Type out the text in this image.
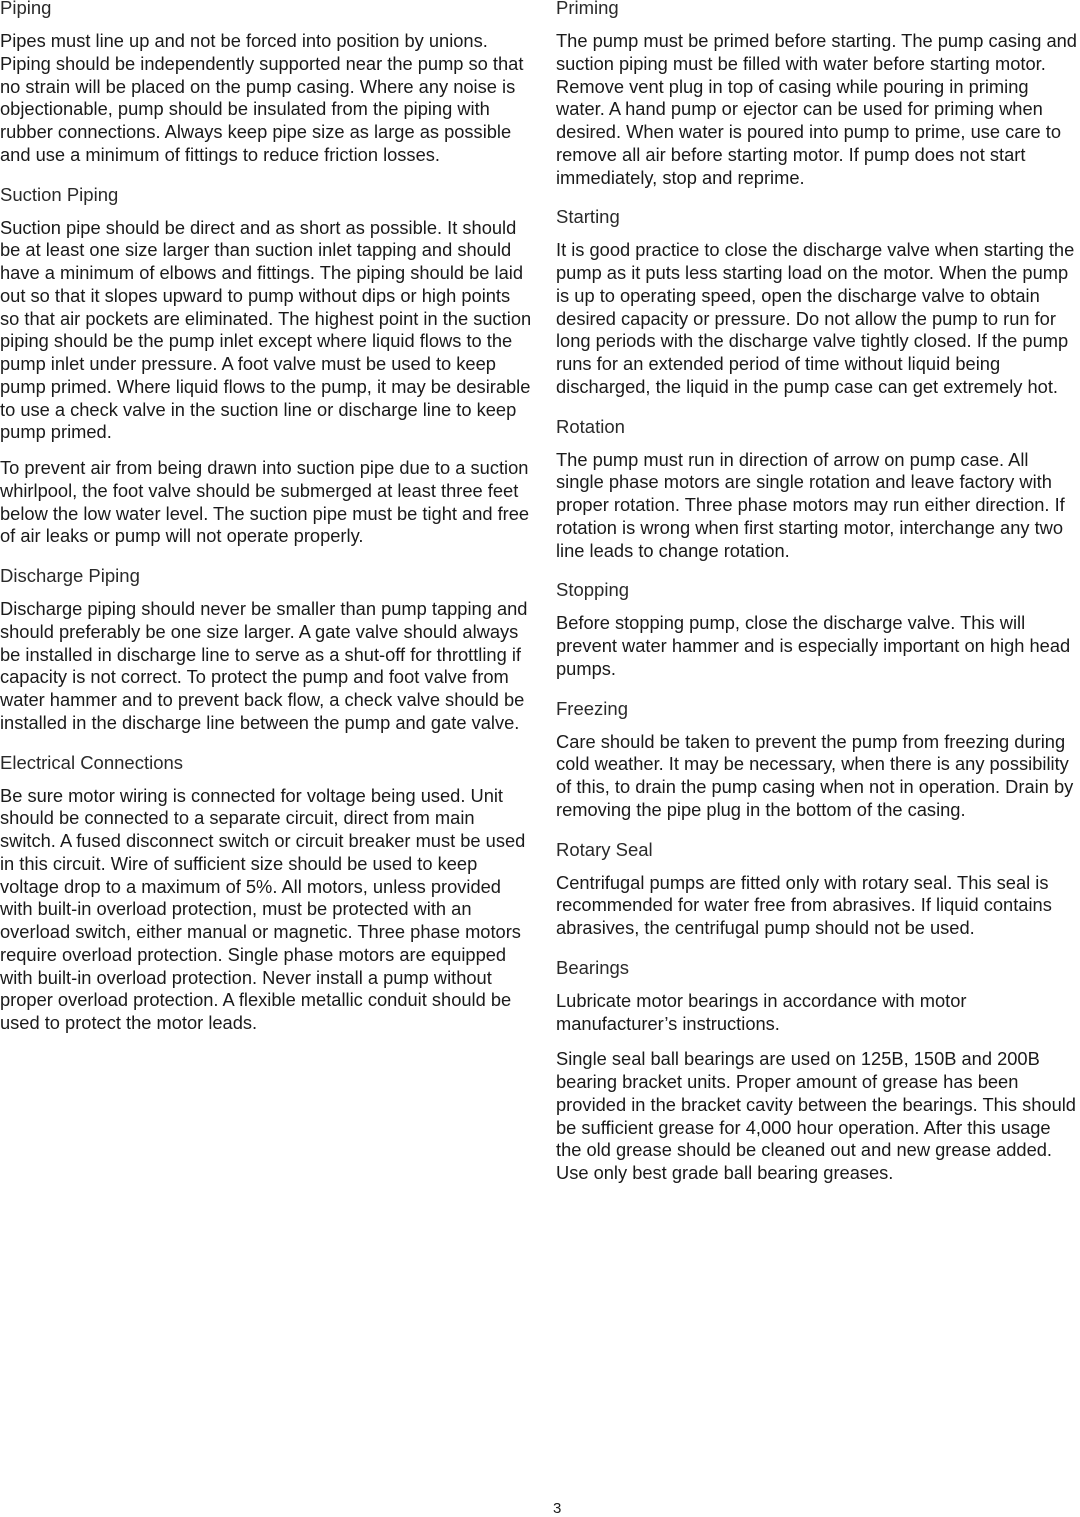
Piping

Pipes must line up and not be forced into position by unions. Piping should be independently supported near the pump so that no strain will be placed on the pump casing. Where any noise is objectionable, pump should be insulated from the piping with rubber connections. Always keep pipe size as large as possible and use a minimum of fittings to reduce friction losses.

Suction Piping

Suction pipe should be direct and as short as possible. It should be at least one size larger than suction inlet tapping and should have a minimum of elbows and fittings. The piping should be laid out so that it slopes upward to pump without dips or high points so that air pockets are eliminated. The highest point in the suction piping should be the pump inlet except where liquid flows to the pump inlet under pressure. A foot valve must be used to keep pump primed. Where liquid flows to the pump, it may be desirable to use a check valve in the suction line or discharge line to keep pump primed.

To prevent air from being drawn into suction pipe due to a suction whirlpool, the foot valve should be submerged at least three feet below the low water level. The suction pipe must be tight and free of air leaks or pump will not operate properly.

Discharge Piping

Discharge piping should never be smaller than pump tapping and should preferably be one size larger. A gate valve should always be installed in discharge line to serve as a shut-off for throttling if capacity is not correct. To protect the pump and foot valve from water hammer and to prevent back flow, a check valve should be installed in the discharge line between the pump and gate valve.

Electrical Connections

Be sure motor wiring is connected for voltage being used. Unit should be connected to a separate circuit, direct from main switch. A fused disconnect switch or circuit breaker must be used in this circuit. Wire of sufficient size should be used to keep voltage drop to a maximum of 5%. All motors, unless provided with built-in overload protection, must be protected with an overload switch, either manual or magnetic. Three phase motors require overload protection. Single phase motors are equipped with built-in overload protection. Never install a pump without proper overload protection. A flexible metallic conduit should be used to protect the motor leads.

Priming

The pump must be primed before starting. The pump casing and suction piping must be filled with water before starting motor. Remove vent plug in top of casing while pouring in priming water. A hand pump or ejector can be used for priming when desired. When water is poured into pump to prime, use care to remove all air before starting motor. If pump does not start immediately, stop and reprime.

Starting

It is good practice to close the discharge valve when starting the pump as it puts less starting load on the motor. When the pump is up to operating speed, open the discharge valve to obtain desired capacity or pressure. Do not allow the pump to run for long periods with the discharge valve tightly closed. If the pump runs for an extended period of time without liquid being discharged, the liquid in the pump case can get extremely hot.

Rotation

The pump must run in direction of arrow on pump case. All single phase motors are single rotation and leave factory with proper rotation. Three phase motors may run either direction. If rotation is wrong when first starting motor, interchange any two line leads to change rotation.

Stopping

Before stopping pump, close the discharge valve. This will prevent water hammer and is especially important on high head pumps.

Freezing

Care should be taken to prevent the pump from freezing during cold weather. It may be necessary, when there is any possibility of this, to drain the pump casing when not in operation. Drain by removing the pipe plug in the bottom of the casing.

Rotary Seal

Centrifugal pumps are fitted only with rotary seal. This seal is recommended for water free from abrasives. If liquid contains abrasives, the centrifugal pump should not be used.

Bearings

Lubricate motor bearings in accordance with motor manufacturer’s instructions.

Single seal ball bearings are used on 125B, 150B and 200B bearing bracket units. Proper amount of grease has been provided in the bracket cavity between the bearings. This should be sufficient grease for 4,000 hour operation. After this usage the old grease should be cleaned out and new grease added. Use only best grade ball bearing greases.

3
